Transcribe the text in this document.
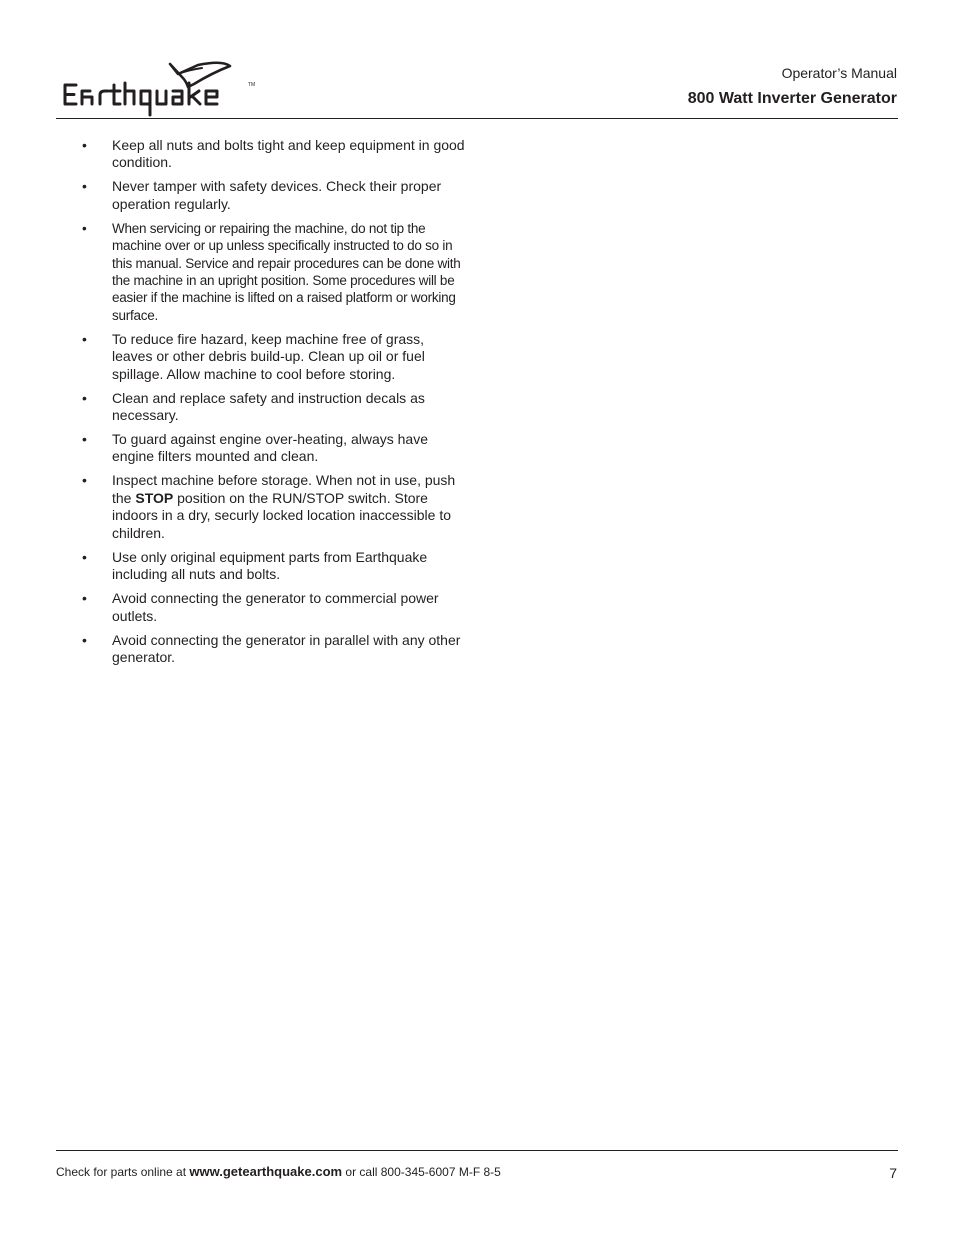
TM
Operator’s Manual
800 Watt Inverter Generator
• Keep all nuts and bolts tight and keep equipment in good condition.
• Never tamper with safety devices. Check their proper operation regularly.
• When servicing or repairing the machine, do not tip the machine over or up unless specifically instructed to do so in this manual. Service and repair procedures can be done with the machine in an upright position. Some procedures will be easier if the machine is lifted on a raised platform or working surface.
• To reduce fire hazard, keep machine free of grass, leaves or other debris build-up. Clean up oil or fuel spillage. Allow machine to cool before storing.
• Clean and replace safety and instruction decals as necessary.
• To guard against engine over-heating, always have engine filters mounted and clean.
• Inspect machine before storage. When not in use, push the STOP position on the RUN/STOP switch. Store indoors in a dry, securly locked location inaccessible to children.
• Use only original equipment parts from Earthquake including all nuts and bolts.
• Avoid connecting the generator to commercial power outlets.
• Avoid connecting the generator in parallel with any other generator.
Check for parts online at www.getearthquake.com or call 800-345-6007 M-F 8-5	7
